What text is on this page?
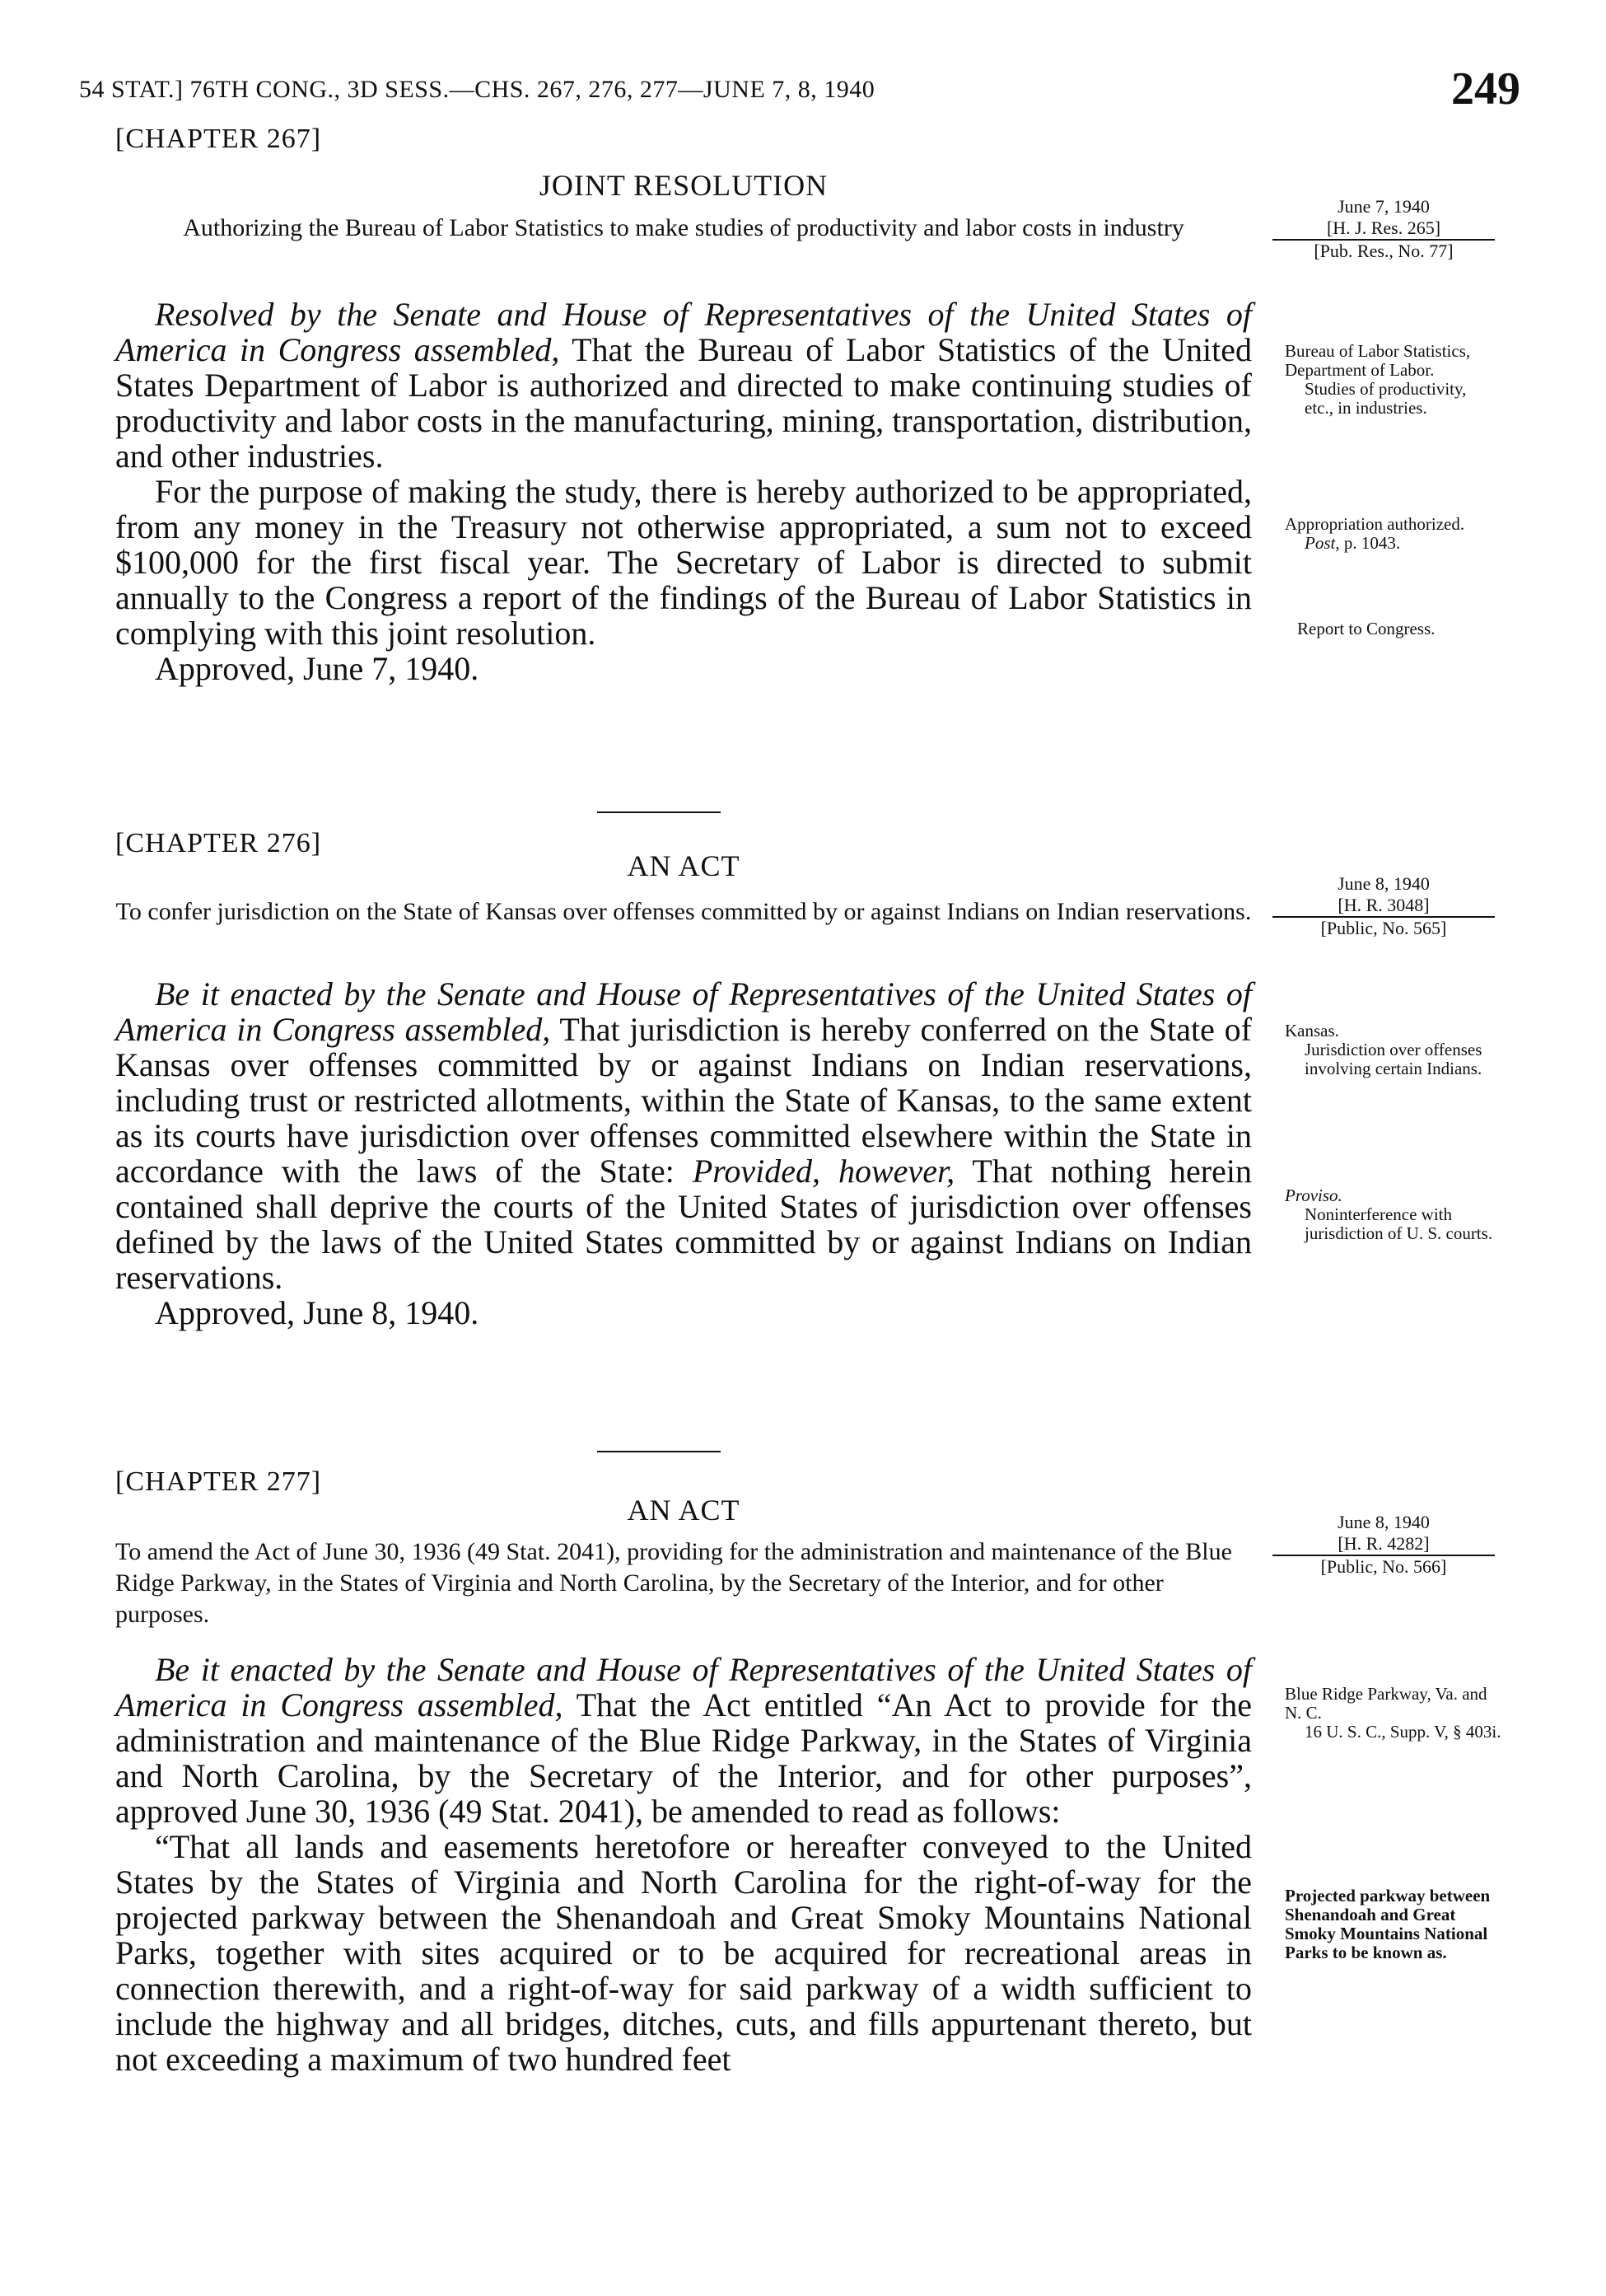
54 STAT.] 76TH CONG., 3D SESS.—CHS. 267, 276, 277—JUNE 7, 8, 1940	249
[CHAPTER 267]
JOINT RESOLUTION
Authorizing the Bureau of Labor Statistics to make studies of productivity and labor costs in industry
June 7, 1940
[H. J. Res. 265]
[Pub. Res., No. 77]

Resolved by the Senate and House of Representatives of the United States of America in Congress assembled, That the Bureau of Labor Statistics of the United States Department of Labor is authorized and directed to make continuing studies of productivity and labor costs in the manufacturing, mining, transportation, distribution, and other industries.

For the purpose of making the study, there is hereby authorized to be appropriated, from any money in the Treasury not otherwise appropriated, a sum not to exceed $100,000 for the first fiscal year. The Secretary of Labor is directed to submit annually to the Congress a report of the findings of the Bureau of Labor Statistics in complying with this joint resolution.

Approved, June 7, 1940.

Bureau of Labor Statistics, Department of Labor.
Studies of productivity, etc., in industries.
Appropriation authorized.
Post, p. 1043.
Report to Congress.
[CHAPTER 276]
AN ACT
To confer jurisdiction on the State of Kansas over offenses committed by or against Indians on Indian reservations.
June 8, 1940
[H. R. 3048]
[Public, No. 565]

Be it enacted by the Senate and House of Representatives of the United States of America in Congress assembled, That jurisdiction is hereby conferred on the State of Kansas over offenses committed by or against Indians on Indian reservations, including trust or restricted allotments, within the State of Kansas, to the same extent as its courts have jurisdiction over offenses committed elsewhere within the State in accordance with the laws of the State: Provided, however, That nothing herein contained shall deprive the courts of the United States of jurisdiction over offenses defined by the laws of the United States committed by or against Indians on Indian reservations.

Approved, June 8, 1940.

Kansas.
Jurisdiction over offenses involving certain Indians.
Proviso.
Noninterference with jurisdiction of U. S. courts.
[CHAPTER 277]
AN ACT
To amend the Act of June 30, 1936 (49 Stat. 2041), providing for the administration and maintenance of the Blue Ridge Parkway, in the States of Virginia and North Carolina, by the Secretary of the Interior, and for other purposes.
June 8, 1940
[H. R. 4282]
[Public, No. 566]

Be it enacted by the Senate and House of Representatives of the United States of America in Congress assembled, That the Act entitled “An Act to provide for the administration and maintenance of the Blue Ridge Parkway, in the States of Virginia and North Carolina, by the Secretary of the Interior, and for other purposes”, approved June 30, 1936 (49 Stat. 2041), be amended to read as follows:

“That all lands and easements heretofore or hereafter conveyed to the United States by the States of Virginia and North Carolina for the right-of-way for the projected parkway between the Shenandoah and Great Smoky Mountains National Parks, together with sites acquired or to be acquired for recreational areas in connection therewith, and a right-of-way for said parkway of a width sufficient to include the highway and all bridges, ditches, cuts, and fills appurtenant thereto, but not exceeding a maximum of two hundred feet

Blue Ridge Parkway, Va. and N. C.
16 U. S. C., Supp. V, § 403i.
Projected parkway between Shenandoah and Great Smoky Mountains National Parks to be known as.
